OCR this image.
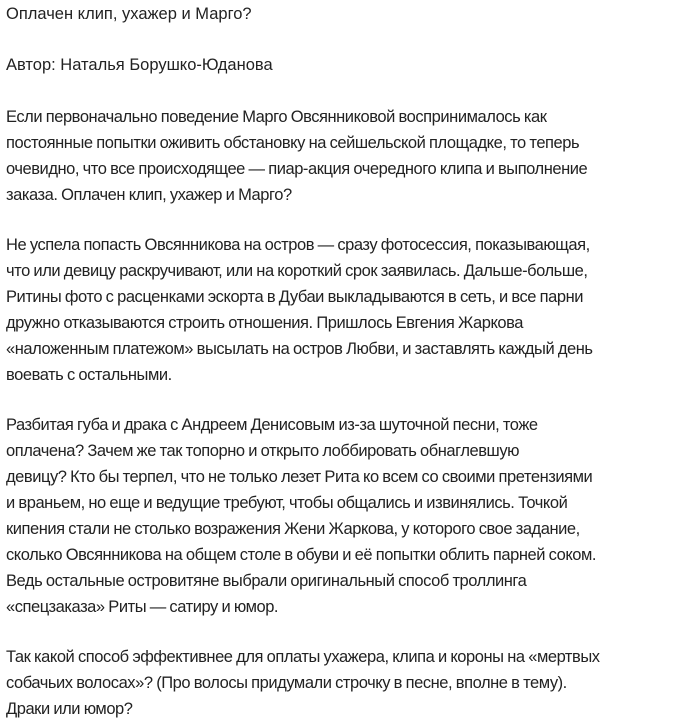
Оплачен клип, ухажер и Марго?

Автор: Наталья Борушко-Юданова

Если первоначально поведение Марго Овсянниковой воспринималось как
постоянные попытки оживить обстановку на сейшельской площадке, то теперь
очевидно, что все происходящее — пиар-акция очередного клипа и выполнение
заказа. Оплачен клип, ухажер и Марго?

Не успела попасть Овсянникова на остров — сразу фотосессия, показывающая,
что или девицу раскручивают, или на короткий срок заявилась. Дальше-больше,
Ритины фото с расценками эскорта в Дубаи выкладываются в сеть, и все парни
дружно отказываются строить отношения. Пришлось Евгения Жаркова
«наложенным платежом» высылать на остров Любви, и заставлять каждый день
воевать с остальными.

Разбитая губа и драка с Андреем Денисовым из-за шуточной песни, тоже
оплачена? Зачем же так топорно и открыто лоббировать обнаглевшую
девицу? Кто бы терпел, что не только лезет Рита ко всем со своими претензиями
и враньем, но еще и ведущие требуют, чтобы общались и извинялись. Точкой
кипения стали не столько возражения Жени Жаркова, у которого свое задание,
сколько Овсянникова на общем столе в обуви и её попытки облить парней соком.
Ведь остальные островитяне выбрали оригинальный способ троллинга
«спецзаказа» Риты — сатиру и юмор.

Так какой способ эффективнее для оплаты ухажера, клипа и короны на «мертвых
собачьих волосах»? (Про волосы придумали строчку в песне, вполне в тему).
Драки или юмор?
